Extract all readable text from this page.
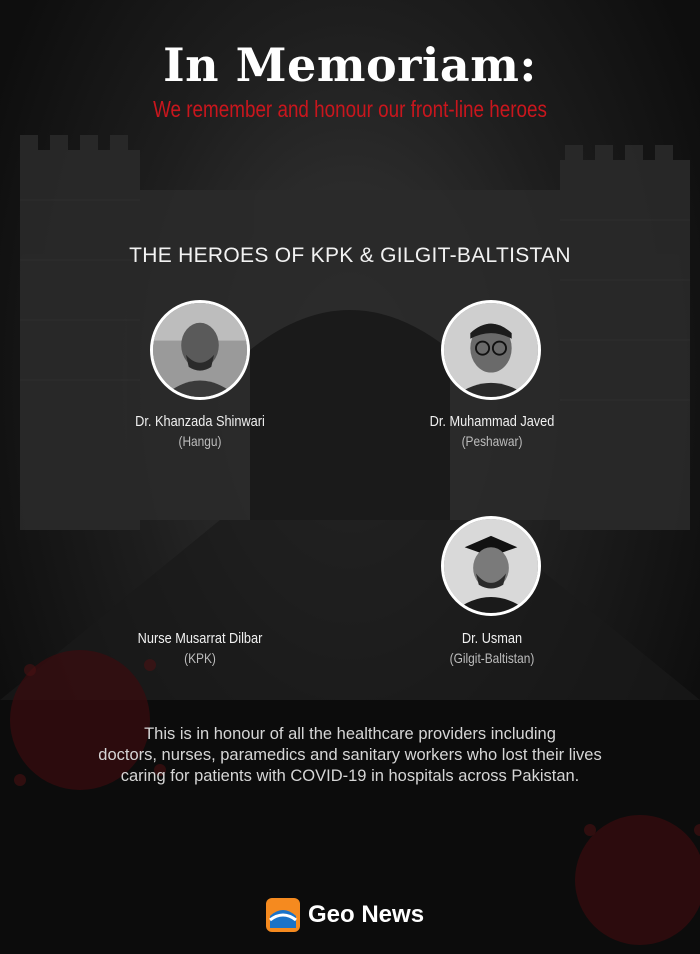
In Memoriam:
We remember and honour our front-line heroes
THE HEROES OF KPK & GILGIT-BALTISTAN
Dr. Khanzada Shinwari
(Hangu)
Dr. Muhammad Javed
(Peshawar)
Nurse Musarrat Dilbar
(KPK)
Dr. Usman
(Gilgit-Baltistan)
This is in honour of all the healthcare providers including
doctors, nurses, paramedics and sanitary workers who lost their lives
caring for patients with COVID-19 in hospitals across Pakistan.
Geo News
